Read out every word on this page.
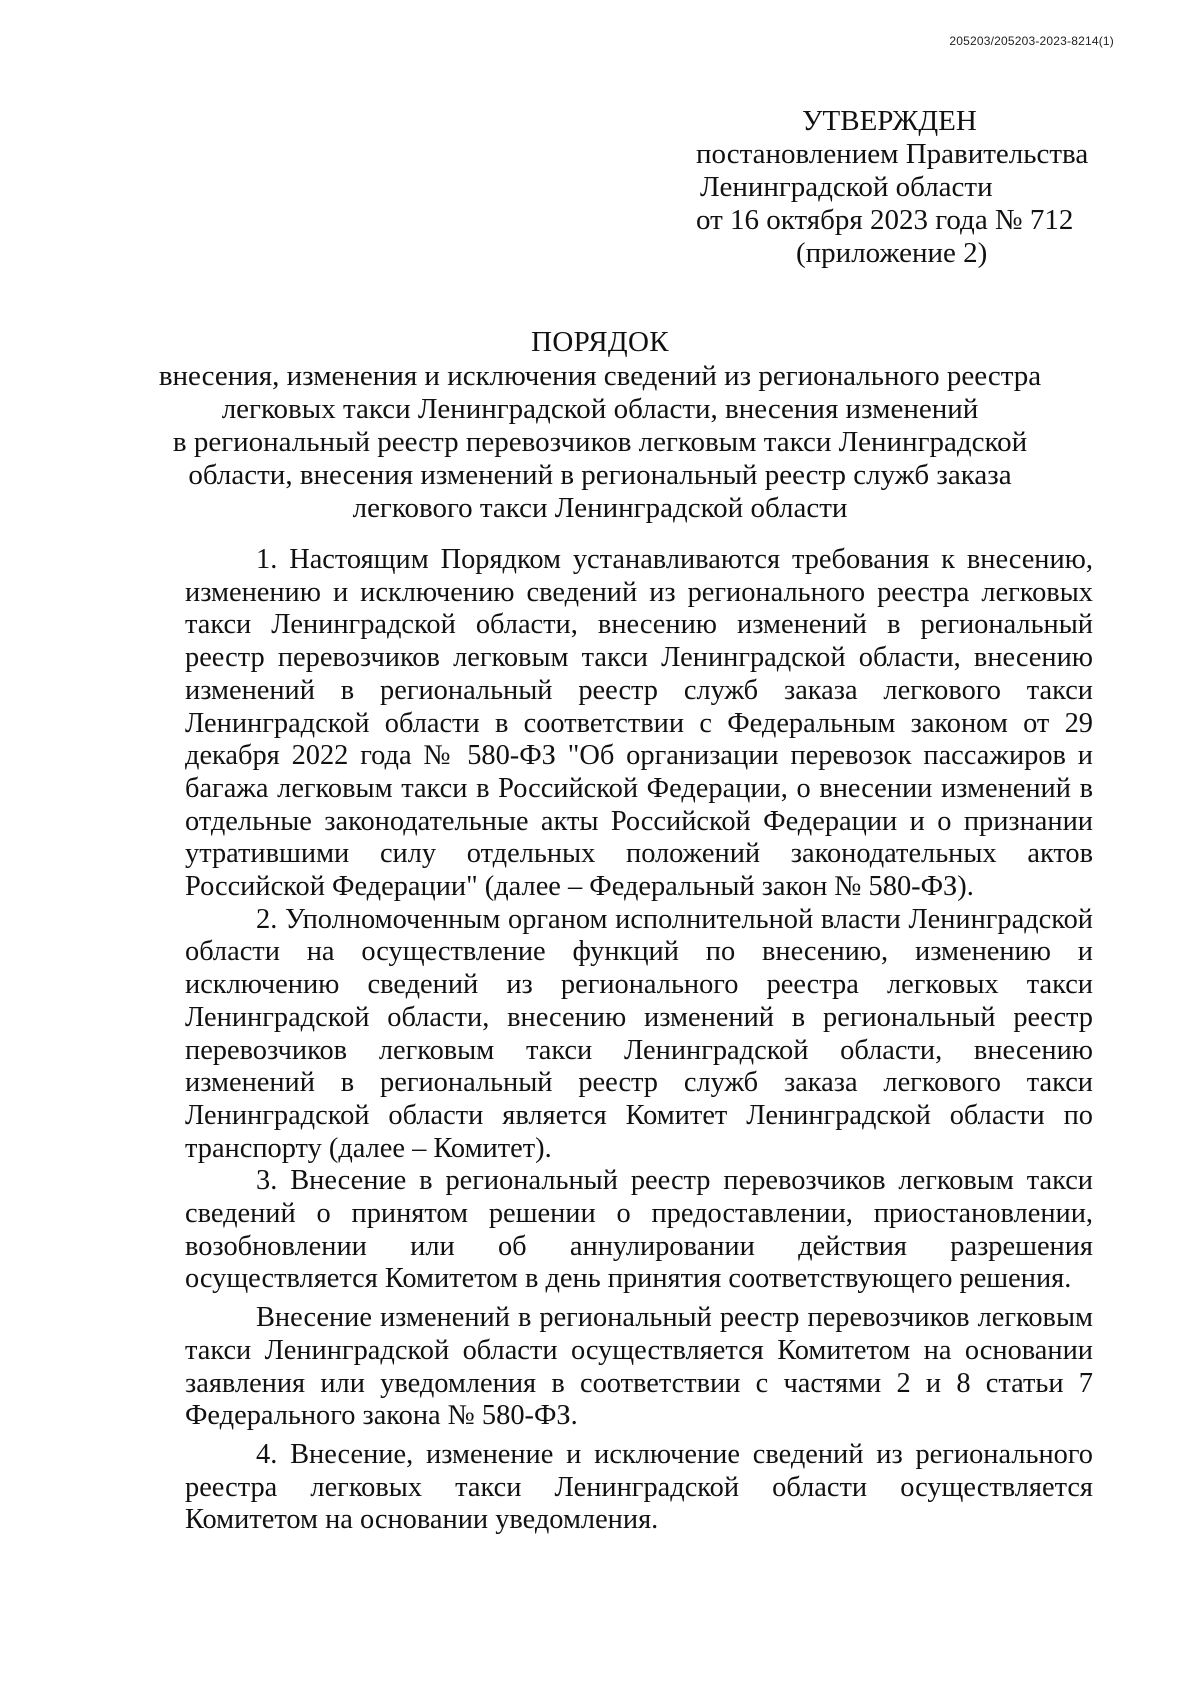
205203/205203-2023-8214(1)
УТВЕРЖДЕН
постановлением Правительства
Ленинградской области
от 16 октября 2023 года № 712
(приложение 2)
ПОРЯДОК
внесения, изменения и исключения сведений из регионального реестра
легковых такси Ленинградской области, внесения изменений
в региональный реестр перевозчиков легковым такси Ленинградской
области, внесения изменений в региональный реестр служб заказа
легкового такси Ленинградской области

1. Настоящим Порядком устанавливаются требования к внесению, изменению и исключению сведений из регионального реестра легковых такси Ленинградской области, внесению изменений в региональный реестр перевозчиков легковым такси Ленинградской области, внесению изменений в региональный реестр служб заказа легкового такси Ленинградской области в соответствии с Федеральным законом от 29 декабря 2022 года № 580-ФЗ "Об организации перевозок пассажиров и багажа легковым такси в Российской Федерации, о внесении изменений в отдельные законодательные акты Российской Федерации и о признании утратившими силу отдельных положений законодательных актов Российской Федерации" (далее – Федеральный закон № 580-ФЗ).

2. Уполномоченным органом исполнительной власти Ленинградской области на осуществление функций по внесению, изменению и исключению сведений из регионального реестра легковых такси Ленинградской области, внесению изменений в региональный реестр перевозчиков легковым такси Ленинградской области, внесению изменений в региональный реестр служб заказа легкового такси Ленинградской области является Комитет Ленинградской области по транспорту (далее – Комитет).

3. Внесение в региональный реестр перевозчиков легковым такси сведений о принятом решении о предоставлении, приостановлении, возобновлении или об аннулировании действия разрешения осуществляется Комитетом в день принятия соответствующего решения.

Внесение изменений в региональный реестр перевозчиков легковым такси Ленинградской области осуществляется Комитетом на основании заявления или уведомления в соответствии с частями 2 и 8 статьи 7 Федерального закона № 580-ФЗ.

4. Внесение, изменение и исключение сведений из регионального реестра легковых такси Ленинградской области осуществляется Комитетом на основании уведомления.
